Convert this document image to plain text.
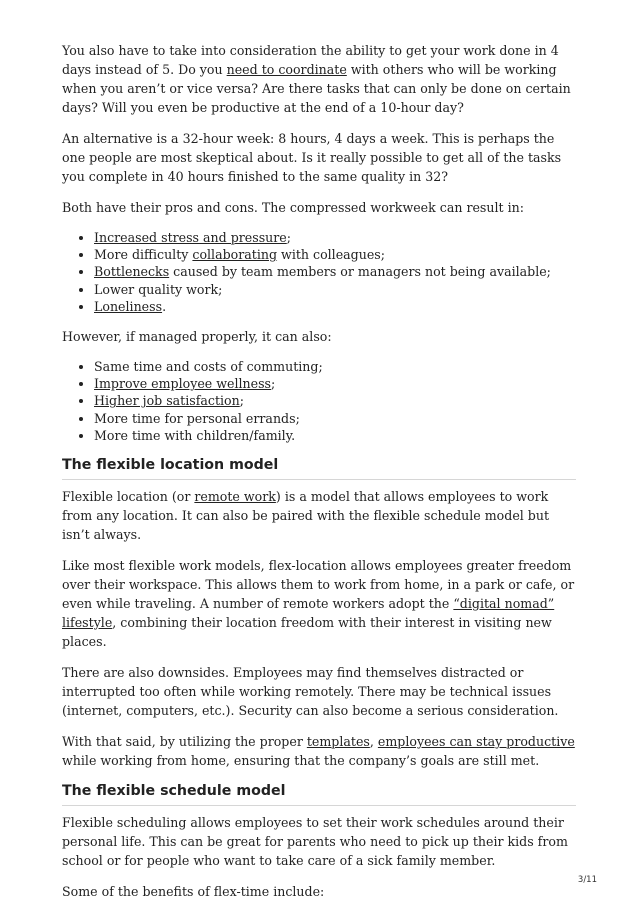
You also have to take into consideration the ability to get your work done in 4 days instead of 5. Do you need to coordinate with others who will be working when you aren’t or vice versa? Are there tasks that can only be done on certain days? Will you even be productive at the end of a 10-hour day?

An alternative is a 32-hour week: 8 hours, 4 days a week. This is perhaps the one people are most skeptical about. Is it really possible to get all of the tasks you complete in 40 hours finished to the same quality in 32?

Both have their pros and cons. The compressed workweek can result in:

• Increased stress and pressure;
• More difficulty collaborating with colleagues;
• Bottlenecks caused by team members or managers not being available;
• Lower quality work;
• Loneliness.

However, if managed properly, it can also:

• Same time and costs of commuting;
• Improve employee wellness;
• Higher job satisfaction;
• More time for personal errands;
• More time with children/family.
The flexible location model

Flexible location (or remote work) is a model that allows employees to work from any location. It can also be paired with the flexible schedule model but isn’t always.

Like most flexible work models, flex-location allows employees greater freedom over their workspace. This allows them to work from home, in a park or cafe, or even while traveling. A number of remote workers adopt the “digital nomad” lifestyle, combining their location freedom with their interest in visiting new places.

There are also downsides. Employees may find themselves distracted or interrupted too often while working remotely. There may be technical issues (internet, computers, etc.). Security can also become a serious consideration.

With that said, by utilizing the proper templates, employees can stay productive while working from home, ensuring that the company’s goals are still met.

The flexible schedule model

Flexible scheduling allows employees to set their work schedules around their personal life. This can be great for parents who need to pick up their kids from school or for people who want to take care of a sick family member.

Some of the benefits of flex-time include:

3/11
